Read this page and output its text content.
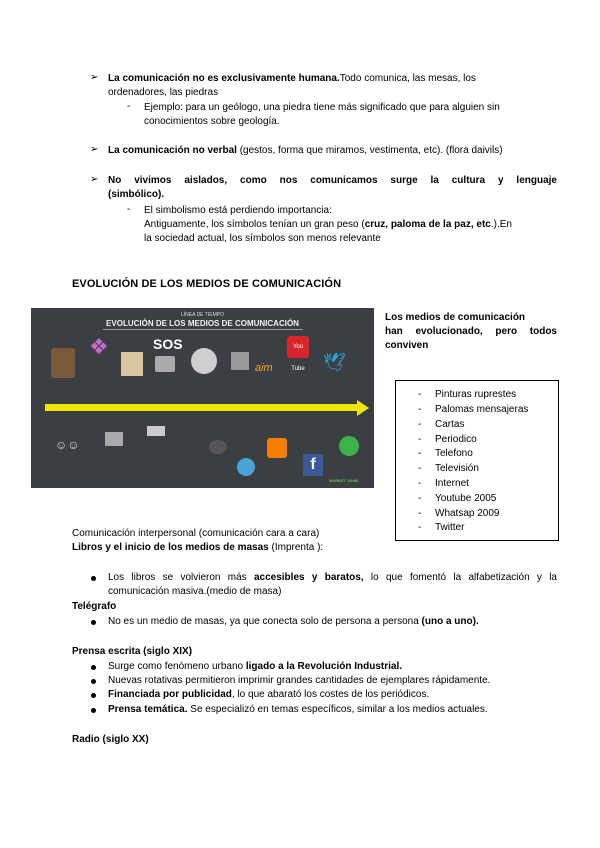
➢ La comunicación no es exclusivamente humana.Todo comunica, las mesas, los
ordenadores, las piedras
- Ejemplo: para un geólogo, una piedra tiene más significado que para alguien sin
conocimientos sobre geología.
➢ La comunicación no verbal (gestos, forma que miramos, vestimenta, etc). (flora daivils)
➢ No vivimos aislados, como nos comunicamos surge la cultura y lenguaje
(simbólico).
- El simbolismo está perdiendo importancia:
Antiguamente, los símbolos tenían un gran peso (cruz, paloma de la paz, etc.).En
la sociedad actual, los símbolos son menos relevante
EVOLUCIÓN DE LOS MEDIOS DE COMUNICACIÓN
LÍNEA DE TIEMPO
EVOLUCIÓN DE LOS MEDIOS DE COMUNICACIÓN
❖	SOS
aim
You Tube 🕊
☺☺
f
MARKET SANK
Los medios de comunicación
han evolucionado, pero todos
conviven
- Pinturas ruprestes
- Palomas mensajeras
- Cartas
- Periodico
- Telefono
- Televisión
- Internet
- Youtube 2005
- Whatsap 2009
- Twitter
Comunicación interpersonal (comunicación cara a cara)
Libros y el inicio de los medios de masas (Imprenta ):
Los libros se volvieron más accesibles y baratos, lo que fomentó la alfabetización y la
comunicación masiva.(medio de masa)
Telégrafo
No es un medio de masas, ya que conecta solo de persona a persona (uno a uno).
Prensa escrita (siglo XIX)
Surge como fenómeno urbano ligado a la Revolución Industrial.
Nuevas rotativas permitieron imprimir grandes cantidades de ejemplares rápidamente.
Financiada por publicidad, lo que abarató los costes de los periódicos.
Prensa temática. Se especializó en temas específicos, similar a los medios actuales.
Radio (siglo XX)
